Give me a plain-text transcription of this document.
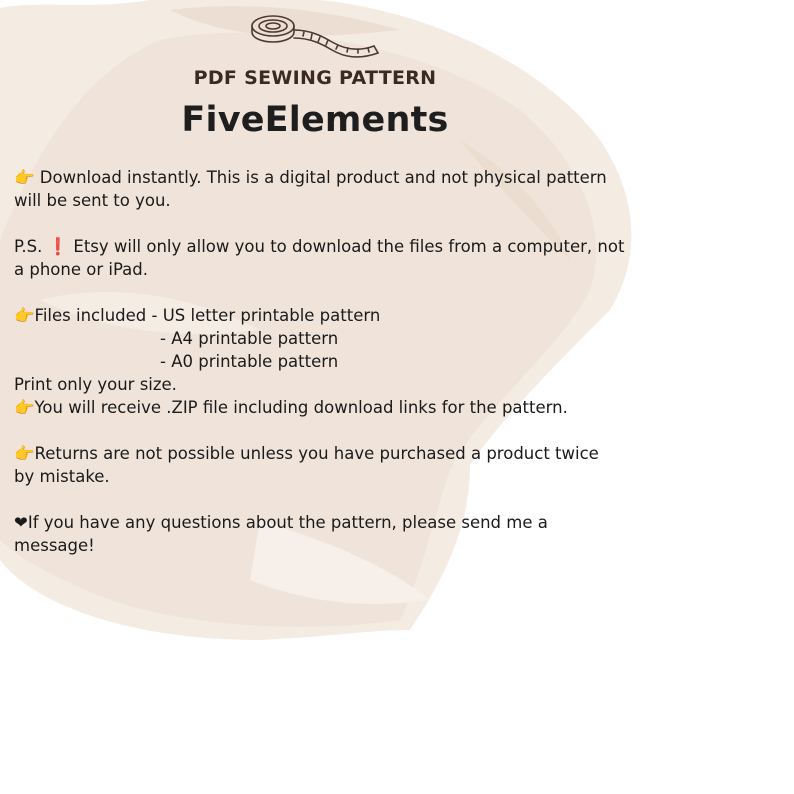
PDF SEWING PATTERN
FiveElements
👉 Download instantly. This is a digital product and not physical pattern
will be sent to you.
P.S. ❗ Etsy will only allow you to download the files from a computer, not
a phone or iPad.
👉Files included - US letter printable pattern
- A4 printable pattern
- A0 printable pattern
Print only your size.
👉You will receive .ZIP file including download links for the pattern.
👉Returns are not possible unless you have purchased a product twice
by mistake.
❤If you have any questions about the pattern, please send me a
message!
